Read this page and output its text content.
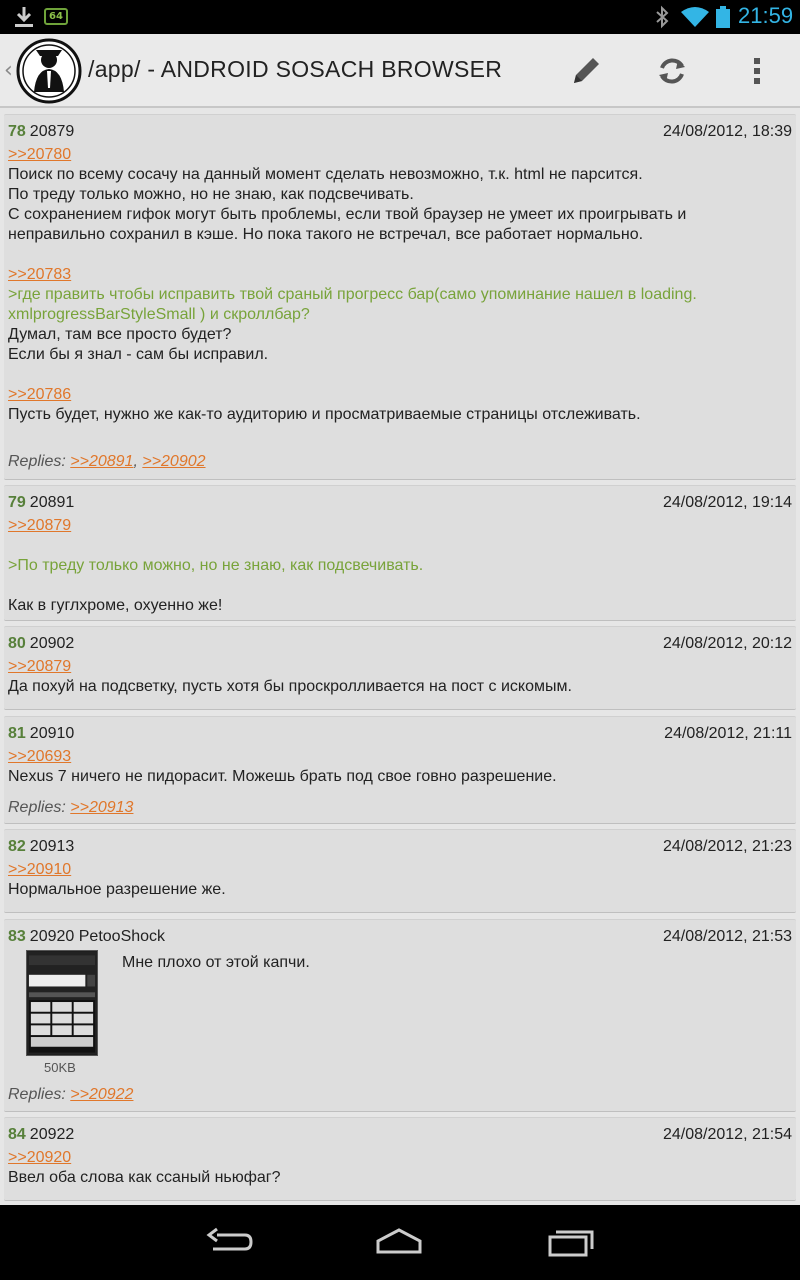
64	21:59
‹	/app/ - ANDROID SOSACH BROWSER
78 20879	24/08/2012, 18:39
>>20780
Поиск по всему сосачу на данный момент сделать невозможно, т.к. html не парсится.
По треду только можно, но не знаю, как подсвечивать.
С сохранением гифок могут быть проблемы, если твой браузер не умеет их проигрывать и
неправильно сохранил в кэше. Но пока такого не встречал, все работает нормально.
>>20783
>где править чтобы исправить твой сраный прогресс бар(само упоминание нашел в loading.
xmlprogressBarStyleSmall ) и скроллбар?
Думал, там все просто будет?
Если бы я знал - сам бы исправил.
>>20786
Пусть будет, нужно же как-то аудиторию и просматриваемые страницы отслеживать.
Replies: >>20891, >>20902
79 20891	24/08/2012, 19:14
>>20879
>По треду только можно, но не знаю, как подсвечивать.
Как в гуглхроме, охуенно же!
80 20902	24/08/2012, 20:12
>>20879
Да похуй на подсветку, пусть хотя бы проскролливается на пост с искомым.
81 20910	24/08/2012, 21:11
>>20693
Nexus 7 ничего не пидорасит. Можешь брать под свое говно разрешение.
Replies: >>20913
82 20913	24/08/2012, 21:23
>>20910
Нормальное разрешение же.
83 20920 PetooShock	24/08/2012, 21:53
50KB
Мне плохо от этой капчи.
Replies: >>20922
84 20922	24/08/2012, 21:54
>>20920
Ввел оба слова как ссаный ньюфаг?
